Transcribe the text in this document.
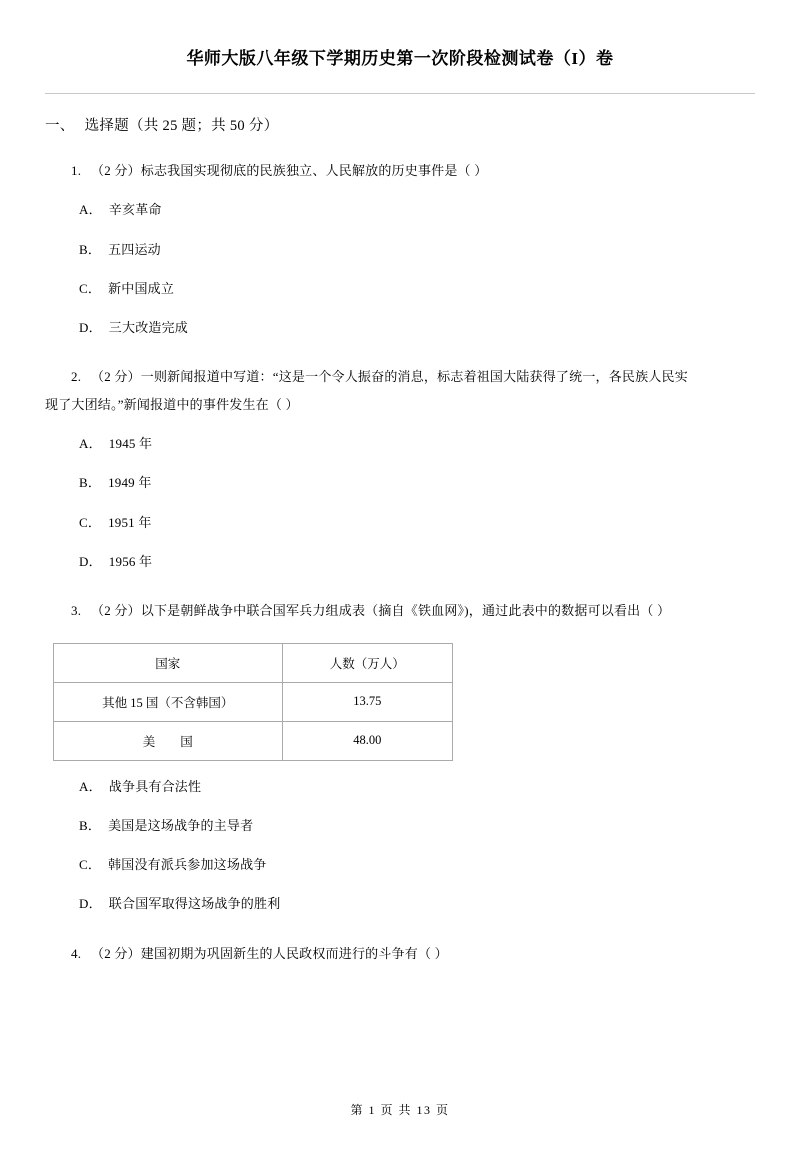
华师大版八年级下学期历史第一次阶段检测试卷（I）卷
一、 选择题（共 25 题；共 50 分）
1. （2 分）标志我国实现彻底的民族独立、人民解放的历史事件是（ ）
A． 辛亥革命
B． 五四运动
C． 新中国成立
D． 三大改造完成
2. （2 分）一则新闻报道中写道：“这是一个令人振奋的消息，标志着祖国大陆获得了统一，各民族人民实
现了大团结。”新闻报道中的事件发生在（ ）
A． 1945 年
B． 1949 年
C． 1951 年
D． 1956 年
3. （2 分）以下是朝鲜战争中联合国军兵力组成表（摘自《铁血网》)，通过此表中的数据可以看出（ ）
国家	人数（万人）
其他 15 国（不含韩国）	13.75
美　　国	48.00
A． 战争具有合法性
B． 美国是这场战争的主导者
C． 韩国没有派兵参加这场战争
D． 联合国军取得这场战争的胜利
4. （2 分）建国初期为巩固新生的人民政权而进行的斗争有（ ）
第 1 页 共 13 页
